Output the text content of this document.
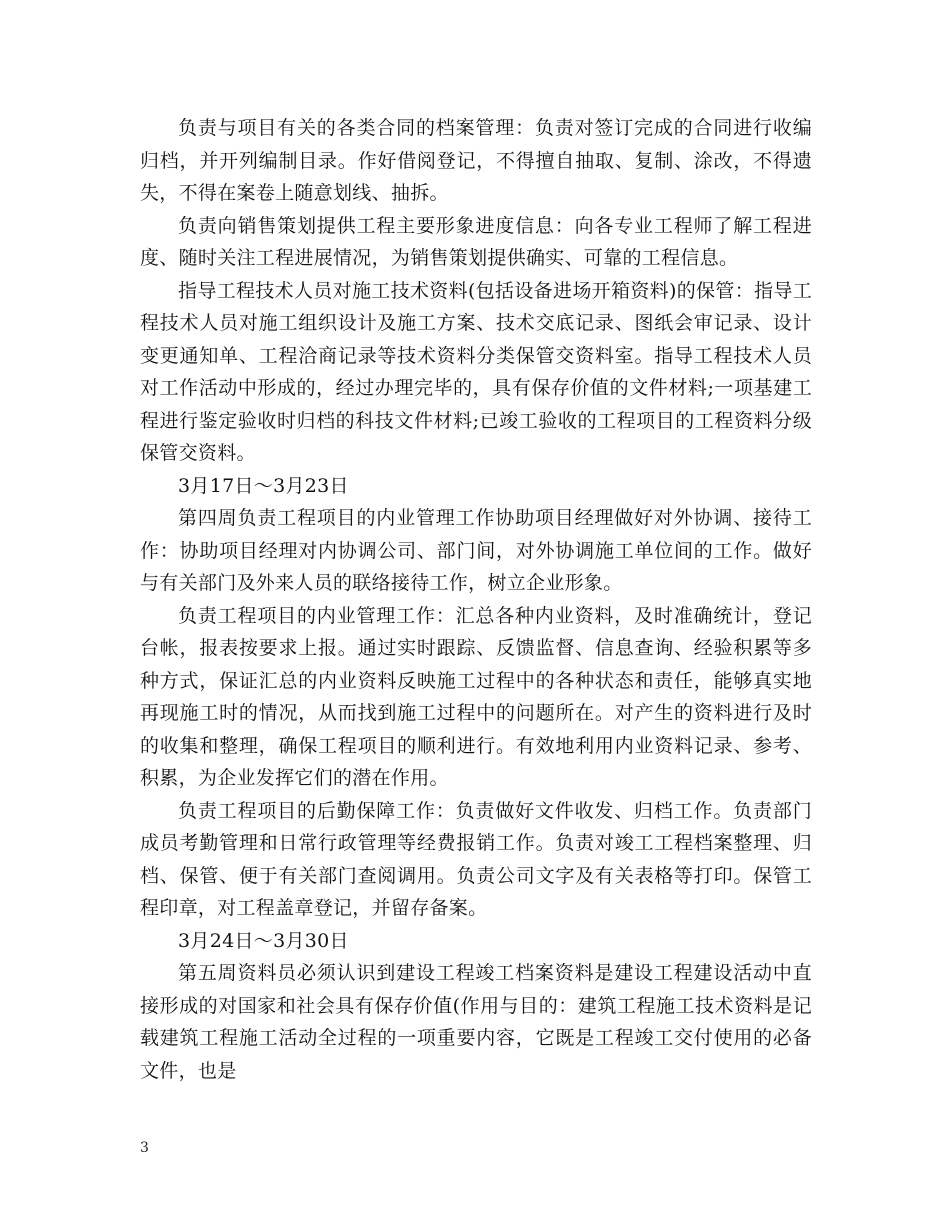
负责与项目有关的各类合同的档案管理：负责对签订完成的合同进行收编归档，并开列编制目录。作好借阅登记，不得擅自抽取、复制、涂改，不得遗失，不得在案卷上随意划线、抽拆。

负责向销售策划提供工程主要形象进度信息：向各专业工程师了解工程进度、随时关注工程进展情况，为销售策划提供确实、可靠的工程信息。

指导工程技术人员对施工技术资料(包括设备进场开箱资料)的保管：指导工程技术人员对施工组织设计及施工方案、技术交底记录、图纸会审记录、设计变更通知单、工程洽商记录等技术资料分类保管交资料室。指导工程技术人员对工作活动中形成的，经过办理完毕的，具有保存价值的文件材料;一项基建工程进行鉴定验收时归档的科技文件材料;已竣工验收的工程项目的工程资料分级保管交资料。

3月17日～3月23日

第四周负责工程项目的内业管理工作协助项目经理做好对外协调、接待工作：协助项目经理对内协调公司、部门间，对外协调施工单位间的工作。做好与有关部门及外来人员的联络接待工作，树立企业形象。

负责工程项目的内业管理工作：汇总各种内业资料，及时准确统计，登记台帐，报表按要求上报。通过实时跟踪、反馈监督、信息查询、经验积累等多种方式，保证汇总的内业资料反映施工过程中的各种状态和责任，能够真实地再现施工时的情况，从而找到施工过程中的问题所在。对产生的资料进行及时的收集和整理，确保工程项目的顺利进行。有效地利用内业资料记录、参考、积累，为企业发挥它们的潜在作用。

负责工程项目的后勤保障工作：负责做好文件收发、归档工作。负责部门成员考勤管理和日常行政管理等经费报销工作。负责对竣工工程档案整理、归档、保管、便于有关部门查阅调用。负责公司文字及有关表格等打印。保管工程印章，对工程盖章登记，并留存备案。

3月24日～3月30日

第五周资料员必须认识到建设工程竣工档案资料是建设工程建设活动中直接形成的对国家和社会具有保存价值(作用与目的：建筑工程施工技术资料是记载建筑工程施工活动全过程的一项重要内容，它既是工程竣工交付使用的必备文件，也是

3
